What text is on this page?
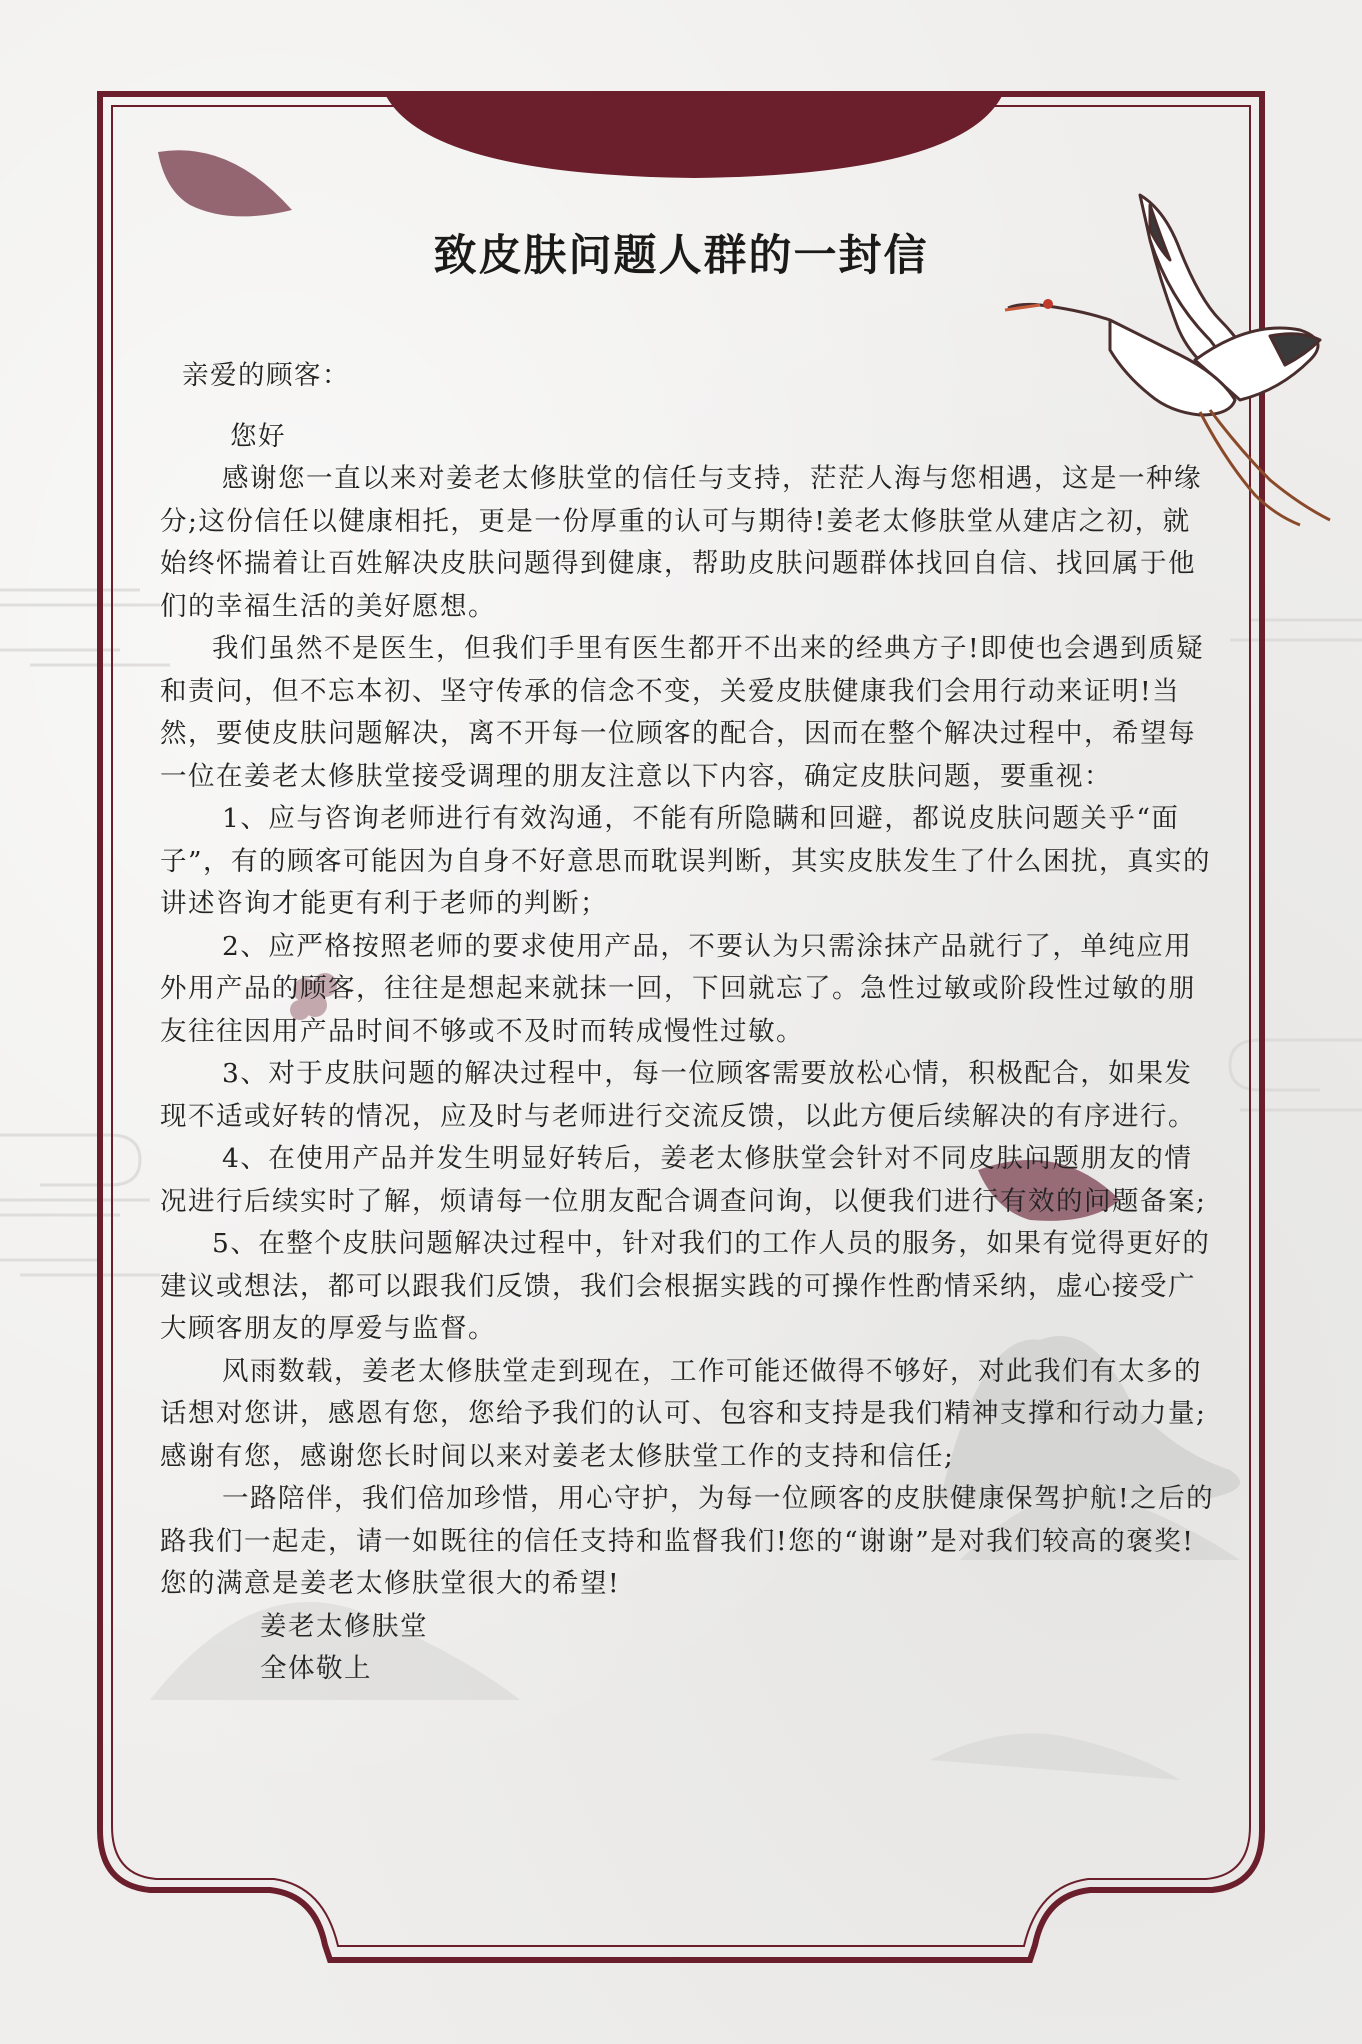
致皮肤问题人群的一封信

亲爱的顾客：

您好

感谢您一直以来对姜老太修肤堂的信任与支持，茫茫人海与您相遇，这是一种缘分;这份信任以健康相托，更是一份厚重的认可与期待!姜老太修肤堂从建店之初，就始终怀揣着让百姓解决皮肤问题得到健康，帮助皮肤问题群体找回自信、找回属于他们的幸福生活的美好愿想。

我们虽然不是医生，但我们手里有医生都开不出来的经典方子!即使也会遇到质疑和责问，但不忘本初、坚守传承的信念不变，关爱皮肤健康我们会用行动来证明!当然，要使皮肤问题解决，离不开每一位顾客的配合，因而在整个解决过程中，希望每一位在姜老太修肤堂接受调理的朋友注意以下内容，确定皮肤问题，要重视：

1、应与咨询老师进行有效沟通，不能有所隐瞒和回避，都说皮肤问题关乎“面子”，有的顾客可能因为自身不好意思而耽误判断，其实皮肤发生了什么困扰，真实的讲述咨询才能更有利于老师的判断；

2、应严格按照老师的要求使用产品，不要认为只需涂抹产品就行了，单纯应用外用产品的顾客，往往是想起来就抹一回，下回就忘了。急性过敏或阶段性过敏的朋友往往因用产品时间不够或不及时而转成慢性过敏。

3、对于皮肤问题的解决过程中，每一位顾客需要放松心情，积极配合，如果发现不适或好转的情况，应及时与老师进行交流反馈，以此方便后续解决的有序进行。

4、在使用产品并发生明显好转后，姜老太修肤堂会针对不同皮肤问题朋友的情况进行后续实时了解，烦请每一位朋友配合调查问询，以便我们进行有效的问题备案;

5、在整个皮肤问题解决过程中，针对我们的工作人员的服务，如果有觉得更好的建议或想法，都可以跟我们反馈，我们会根据实践的可操作性酌情采纳，虚心接受广大顾客朋友的厚爱与监督。

风雨数载，姜老太修肤堂走到现在，工作可能还做得不够好，对此我们有太多的话想对您讲，感恩有您，您给予我们的认可、包容和支持是我们精神支撑和行动力量;感谢有您，感谢您长时间以来对姜老太修肤堂工作的支持和信任;

一路陪伴，我们倍加珍惜，用心守护，为每一位顾客的皮肤健康保驾护航!之后的路我们一起走，请一如既往的信任支持和监督我们!您的“谢谢”是对我们较高的褒奖!您的满意是姜老太修肤堂很大的希望!

姜老太修肤堂

全体敬上
